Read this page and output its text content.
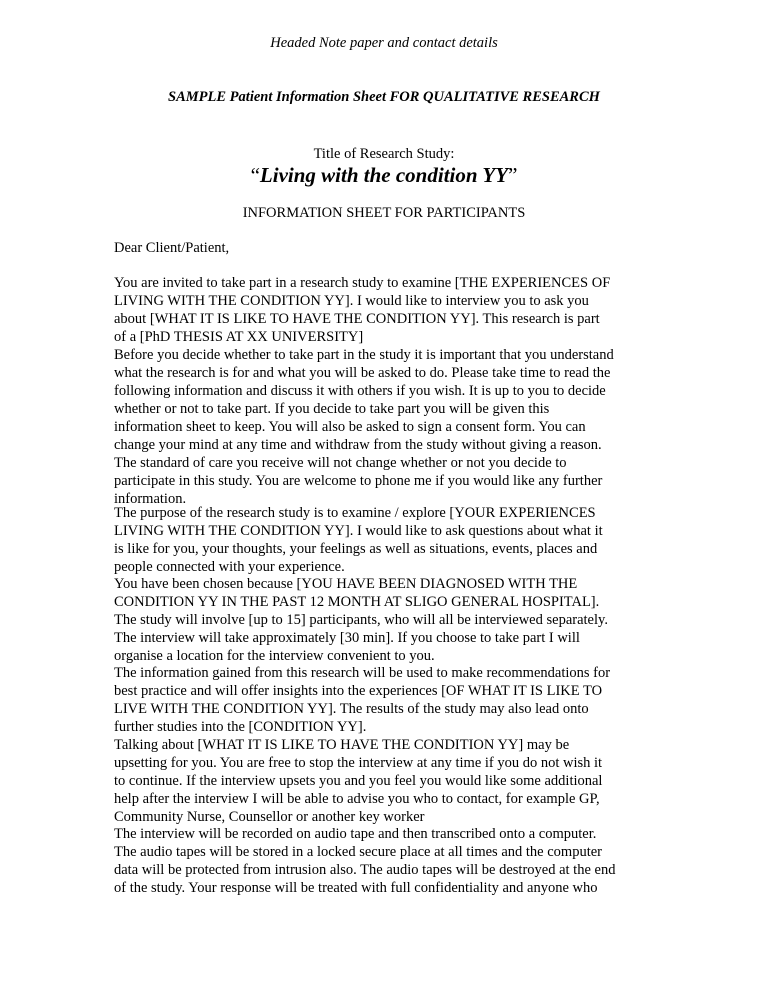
Headed Note paper and contact details
SAMPLE Patient Information Sheet FOR QUALITATIVE RESEARCH
Title of Research Study:
“Living with the condition YY”
INFORMATION SHEET FOR PARTICIPANTS
Dear Client/Patient,

You are invited to take part in a research study to examine [THE EXPERIENCES OF
LIVING WITH THE CONDITION YY]. I would like to interview you to ask you
about [WHAT IT IS LIKE TO HAVE THE CONDITION YY]. This research is part
of a [PhD THESIS AT XX UNIVERSITY]

Before you decide whether to take part in the study it is important that you understand
what the research is for and what you will be asked to do. Please take time to read the
following information and discuss it with others if you wish. It is up to you to decide
whether or not to take part. If you decide to take part you will be given this
information sheet to keep. You will also be asked to sign a consent form. You can
change your mind at any time and withdraw from the study without giving a reason.
The standard of care you receive will not change whether or not you decide to
participate in this study. You are welcome to phone me if you would like any further
information.

The purpose of the research study is to examine / explore [YOUR EXPERIENCES
LIVING WITH THE CONDITION YY]. I would like to ask questions about what it
is like for you, your thoughts, your feelings as well as situations, events, places and
people connected with your experience.

You have been chosen because [YOU HAVE BEEN DIAGNOSED WITH THE
CONDITION YY IN THE PAST 12 MONTH AT SLIGO GENERAL HOSPITAL].
The study will involve [up to 15] participants, who will all be interviewed separately.
The interview will take approximately [30 min]. If you choose to take part I will
organise a location for the interview convenient to you.

The information gained from this research will be used to make recommendations for
best practice and will offer insights into the experiences [OF WHAT IT IS LIKE TO
LIVE WITH THE CONDITION YY]. The results of the study may also lead onto
further studies into the [CONDITION YY].

Talking about [WHAT IT IS LIKE TO HAVE THE CONDITION YY] may be
upsetting for you. You are free to stop the interview at any time if you do not wish it
to continue. If the interview upsets you and you feel you would like some additional
help after the interview I will be able to advise you who to contact, for example GP,
Community Nurse, Counsellor or another key worker

The interview will be recorded on audio tape and then transcribed onto a computer.
The audio tapes will be stored in a locked secure place at all times and the computer
data will be protected from intrusion also. The audio tapes will be destroyed at the end
of the study. Your response will be treated with full confidentiality and anyone who
